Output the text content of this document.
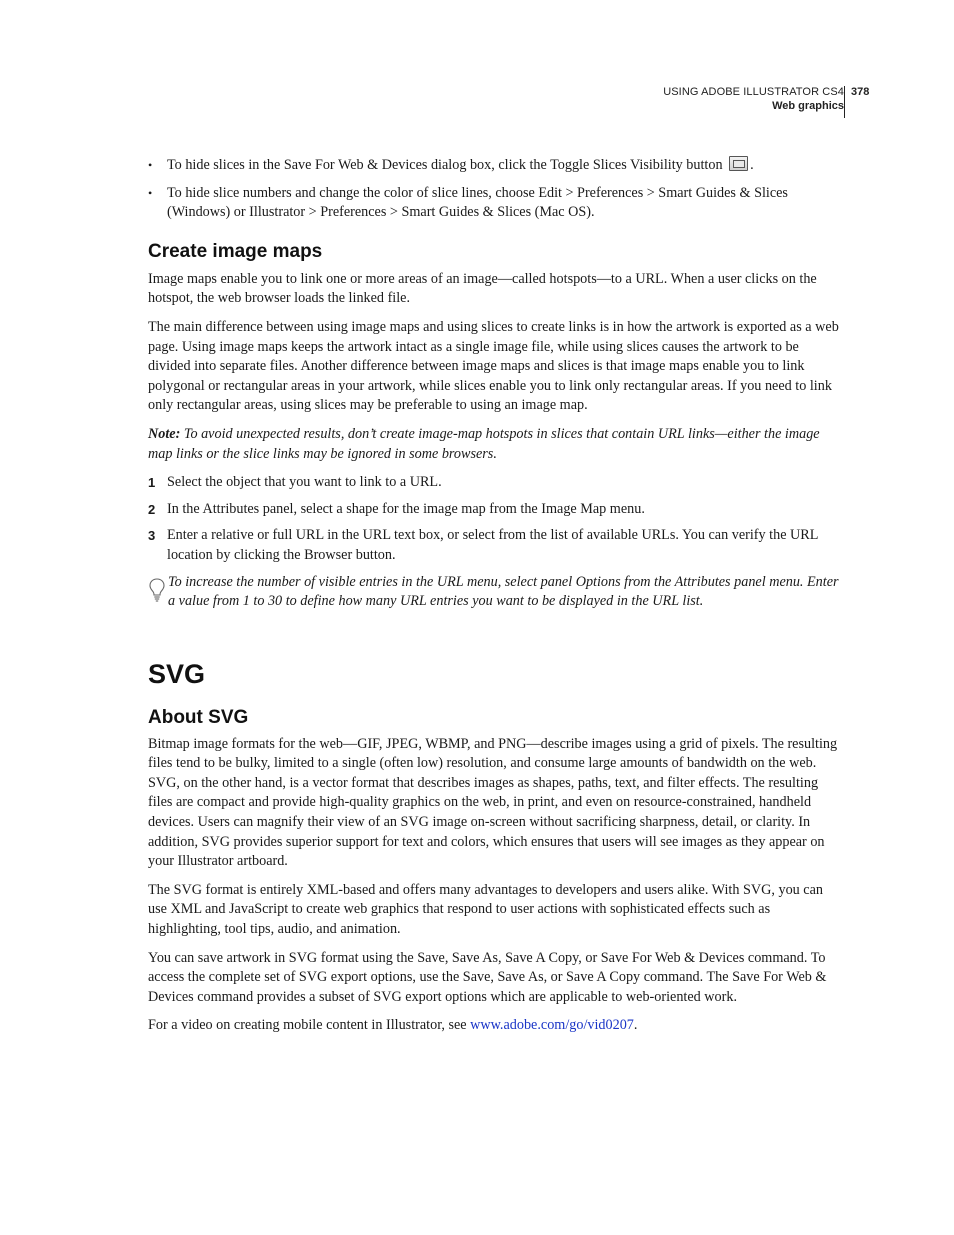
USING ADOBE ILLUSTRATOR CS4
Web graphics
378
• To hide slices in the Save For Web & Devices dialog box, click the Toggle Slices Visibility button .
• To hide slice numbers and change the color of slice lines, choose Edit > Preferences > Smart Guides & Slices (Windows) or Illustrator > Preferences > Smart Guides & Slices (Mac OS).
Create image maps

Image maps enable you to link one or more areas of an image—called hotspots—to a URL. When a user clicks on the hotspot, the web browser loads the linked file.

The main difference between using image maps and using slices to create links is in how the artwork is exported as a web page. Using image maps keeps the artwork intact as a single image file, while using slices causes the artwork to be divided into separate files. Another difference between image maps and slices is that image maps enable you to link polygonal or rectangular areas in your artwork, while slices enable you to link only rectangular areas. If you need to link only rectangular areas, using slices may be preferable to using an image map.

Note: To avoid unexpected results, don’t create image-map hotspots in slices that contain URL links—either the image map links or the slice links may be ignored in some browsers.

1 Select the object that you want to link to a URL.
2 In the Attributes panel, select a shape for the image map from the Image Map menu.
3 Enter a relative or full URL in the URL text box, or select from the list of available URLs. You can verify the URL location by clicking the Browser button.
To increase the number of visible entries in the URL menu, select panel Options from the Attributes panel menu. Enter a value from 1 to 30 to define how many URL entries you want to be displayed in the URL list.
SVG
About SVG

Bitmap image formats for the web—GIF, JPEG, WBMP, and PNG—describe images using a grid of pixels. The resulting files tend to be bulky, limited to a single (often low) resolution, and consume large amounts of bandwidth on the web. SVG, on the other hand, is a vector format that describes images as shapes, paths, text, and filter effects. The resulting files are compact and provide high-quality graphics on the web, in print, and even on resource-constrained, handheld devices. Users can magnify their view of an SVG image on-screen without sacrificing sharpness, detail, or clarity. In addition, SVG provides superior support for text and colors, which ensures that users will see images as they appear on your Illustrator artboard.

The SVG format is entirely XML-based and offers many advantages to developers and users alike. With SVG, you can use XML and JavaScript to create web graphics that respond to user actions with sophisticated effects such as highlighting, tool tips, audio, and animation.

You can save artwork in SVG format using the Save, Save As, Save A Copy, or Save For Web & Devices command. To access the complete set of SVG export options, use the Save, Save As, or Save A Copy command. The Save For Web & Devices command provides a subset of SVG export options which are applicable to web-oriented work.

For a video on creating mobile content in Illustrator, see www.adobe.com/go/vid0207.
